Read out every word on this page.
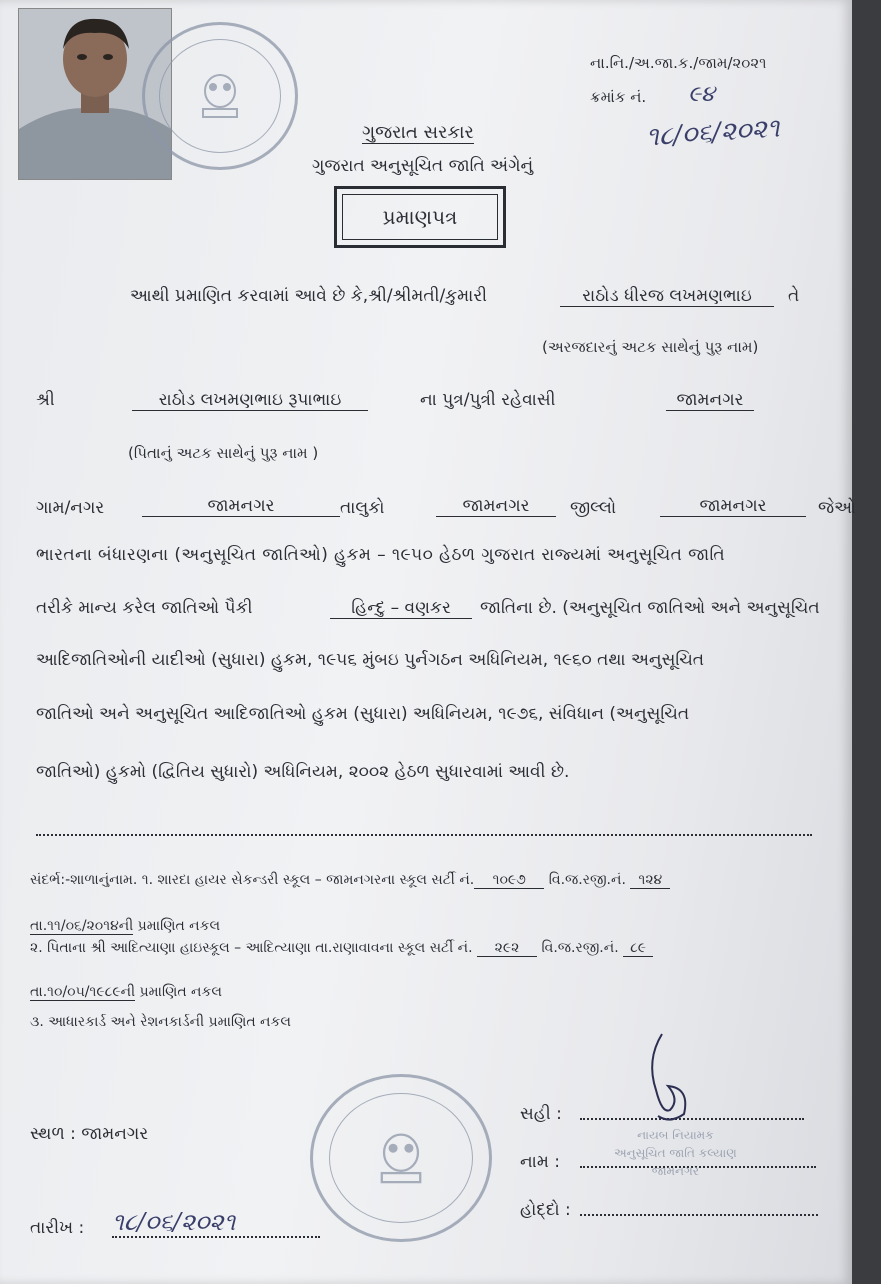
ના.નિ./અ.જા.ક./જામ/૨૦૨૧
ક્રમાંક નં. ૯૪
૧૮/૦૬/૨૦૨૧
ગુજરાત સરકાર
ગુજરાત અનુસૂચિત જાતિ અંગેનું
પ્રમાણપત્ર
આથી પ્રમાણિત કરવામાં આવે છે કે,શ્રી/શ્રીમતી/કુમારી	રાઠોડ ધીરજ લખમણભાઇ	તે
(અરજદારનું અટક સાથેનું પુરૂ નામ)
શ્રી	રાઠોડ લખમણભાઇ રૂપાભાઇ	ના પુત્ર/પુત્રી રહેવાસી	જામનગર
(પિતાનું અટક સાથેનું પુરૂ નામ )
ગામ/નગર	જામનગર	તાલુકો	જામનગર	જીલ્લો	જામનગર	જેઓ
ભારતના બંધારણના (અનુસૂચિત જાતિઓ) હુકમ – ૧૯૫૦ હેઠળ ગુજરાત રાજ્યમાં અનુસૂચિત જાતિ
તરીકે માન્ય કરેલ જાતિઓ પૈકી	હિન્દુ – વણકર	જાતિના છે. (અનુસૂચિત જાતિઓ અને અનુસૂચિત
આદિજાતિઓની યાદીઓ (સુધારા) હુકમ, ૧૯૫૬ મુંબઇ પુર્નગઠન અધિનિયમ, ૧૯૬૦ તથા અનુસૂચિત
જાતિઓ અને અનુસૂચિત આદિજાતિઓ હુકમ (સુધારા) અધિનિયમ, ૧૯૭૬, સંવિધાન (અનુસૂચિત
જાતિઓ) હુકમો (દ્વિતિય સુધારો) અધિનિયમ, ૨૦૦૨ હેઠળ સુધારવામાં આવી છે.
સંદર્ભ:-શાળાનુંનામ. ૧. શારદા હાયર સેકન્ડરી સ્કૂલ – જામનગરના સ્કૂલ સર્ટી નં. ૧૦૯૭ વિ.જ.રજી.નં. ૧૨૪
તા.૧૧/૦૬/૨૦૧૪ની પ્રમાણિત નકલ
૨. પિતાના શ્રી આદિત્યાણા હાઇસ્કૂલ – આદિત્યાણા તા.રાણાવાવના સ્કૂલ સર્ટી નં. ૨૯૨ વિ.જ.રજી.નં. ૮૯
તા.૧૦/૦૫/૧૯૮૯ની પ્રમાણિત નકલ
૩. આધારકાર્ડ અને રેશનકાર્ડની પ્રમાણિત નકલ
સ્થળ : જામનગર
તારીખ : ૧૮/૦૬/૨૦૨૧
સહી :
નામ :
નાયબ નિયામક
અનુસૂચિત જાતિ કલ્યાણ
જામનગર
હોદ્દો :
